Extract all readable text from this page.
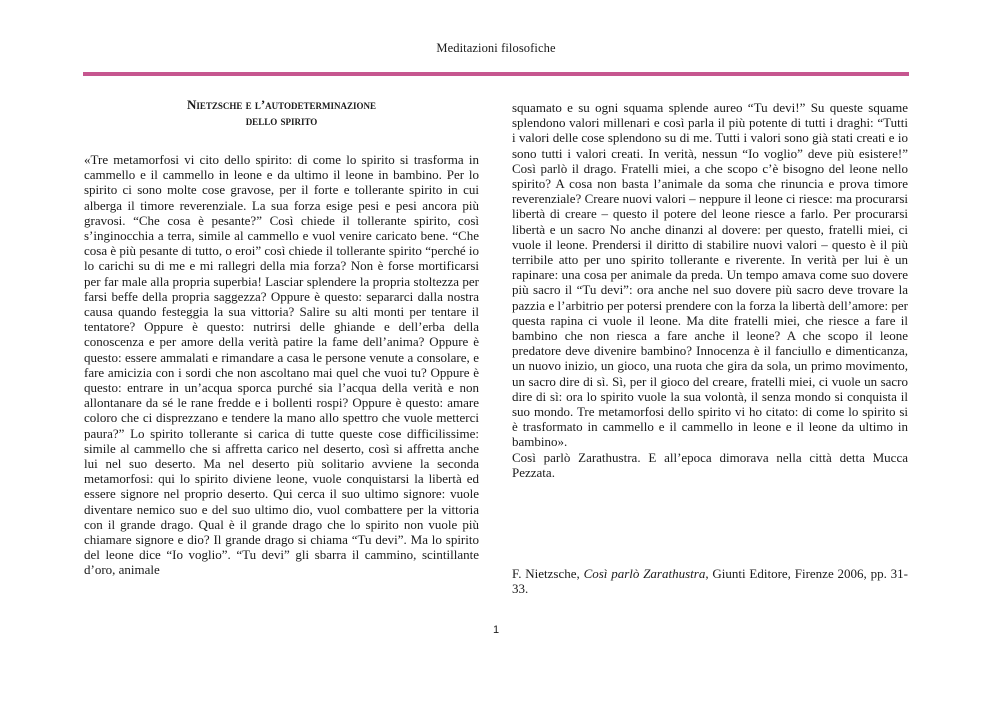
Meditazioni filosofiche
Nietzsche e l’autodeterminazione
dello spirito

«Tre metamorfosi vi cito dello spirito: di come lo spirito si trasforma in cammello e il cammello in leone e da ultimo il leone in bambino. Per lo spirito ci sono molte cose gravose, per il forte e tollerante spirito in cui alberga il timore reverenziale. La sua forza esige pesi e pesi ancora più gravosi. “Che cosa è pesante?” Così chiede il tollerante spirito, così s’inginocchia a terra, simile al cammello e vuol venire caricato bene. “Che cosa è più pesante di tutto, o eroi” così chiede il tollerante spirito “perché io lo carichi su di me e mi rallegri della mia forza? Non è forse mortificarsi per far male alla propria superbia! Lasciar splendere la propria stoltezza per farsi beffe della propria saggezza? Oppure è questo: separarci dalla nostra causa quando festeggia la sua vittoria? Salire su alti monti per tentare il tentatore? Oppure è questo: nutrirsi delle ghiande e dell’erba della conoscenza e per amore della verità patire la fame dell’anima? Oppure è questo: essere ammalati e rimandare a casa le persone venute a consolare, e fare amicizia con i sordi che non ascoltano mai quel che vuoi tu? Oppure è questo: entrare in un’acqua sporca purché sia l’acqua della verità e non allontanare da sé le rane fredde e i bollenti rospi? Oppure è questo: amare coloro che ci disprezzano e tendere la mano allo spettro che vuole metterci paura?” Lo spirito tollerante si carica di tutte queste cose difficilissime: simile al cammello che si affretta carico nel deserto, così si affretta anche lui nel suo deserto. Ma nel deserto più solitario avviene la seconda metamorfosi: qui lo spirito diviene leone, vuole conquistarsi la libertà ed essere signore nel proprio deserto. Qui cerca il suo ultimo signore: vuole diventare nemico suo e del suo ultimo dio, vuol combattere per la vittoria con il grande drago. Qual è il grande drago che lo spirito non vuole più chiamare signore e dio? Il grande drago si chiama “Tu devi”. Ma lo spirito del leone dice “Io voglio”. “Tu devi” gli sbarra il cammino, scintillante d’oro, animale

squamato e su ogni squama splende aureo “Tu devi!” Su queste squame splendono valori millenari e così parla il più potente di tutti i draghi: “Tutti i valori delle cose splendono su di me. Tutti i valori sono già stati creati e io sono tutti i valori creati. In verità, nessun “Io voglio” deve più esistere!” Così parlò il drago. Fratelli miei, a che scopo c’è bisogno del leone nello spirito? A cosa non basta l’animale da soma che rinuncia e prova timore reverenziale? Creare nuovi valori – neppure il leone ci riesce: ma procurarsi libertà di creare – questo il potere del leone riesce a farlo. Per procurarsi libertà e un sacro No anche dinanzi al dovere: per questo, fratelli miei, ci vuole il leone. Prendersi il diritto di stabilire nuovi valori – questo è il più terribile atto per uno spirito tollerante e riverente. In verità per lui è un rapinare: una cosa per animale da preda. Un tempo amava come suo dovere più sacro il “Tu devi”: ora anche nel suo dovere più sacro deve trovare la pazzia e l’arbitrio per potersi prendere con la forza la libertà dell’amore: per questa rapina ci vuole il leone. Ma dite fratelli miei, che riesce a fare il bambino che non riesca a fare anche il leone? A che scopo il leone predatore deve divenire bambino? Innocenza è il fanciullo e dimenticanza, un nuovo inizio, un gioco, una ruota che gira da sola, un primo movimento, un sacro dire di sì. Sì, per il gioco del creare, fratelli miei, ci vuole un sacro dire di sì: ora lo spirito vuole la sua volontà, il senza mondo si conquista il suo mondo. Tre metamorfosi dello spirito vi ho citato: di come lo spirito si è trasformato in cammello e il cammello in leone e il leone da ultimo in bambino».

Così parlò Zarathustra. E all’epoca dimorava nella città detta Mucca Pezzata.

F. Nietzsche, Così parlò Zarathustra, Giunti Editore, Firenze 2006, pp. 31-33.
1
